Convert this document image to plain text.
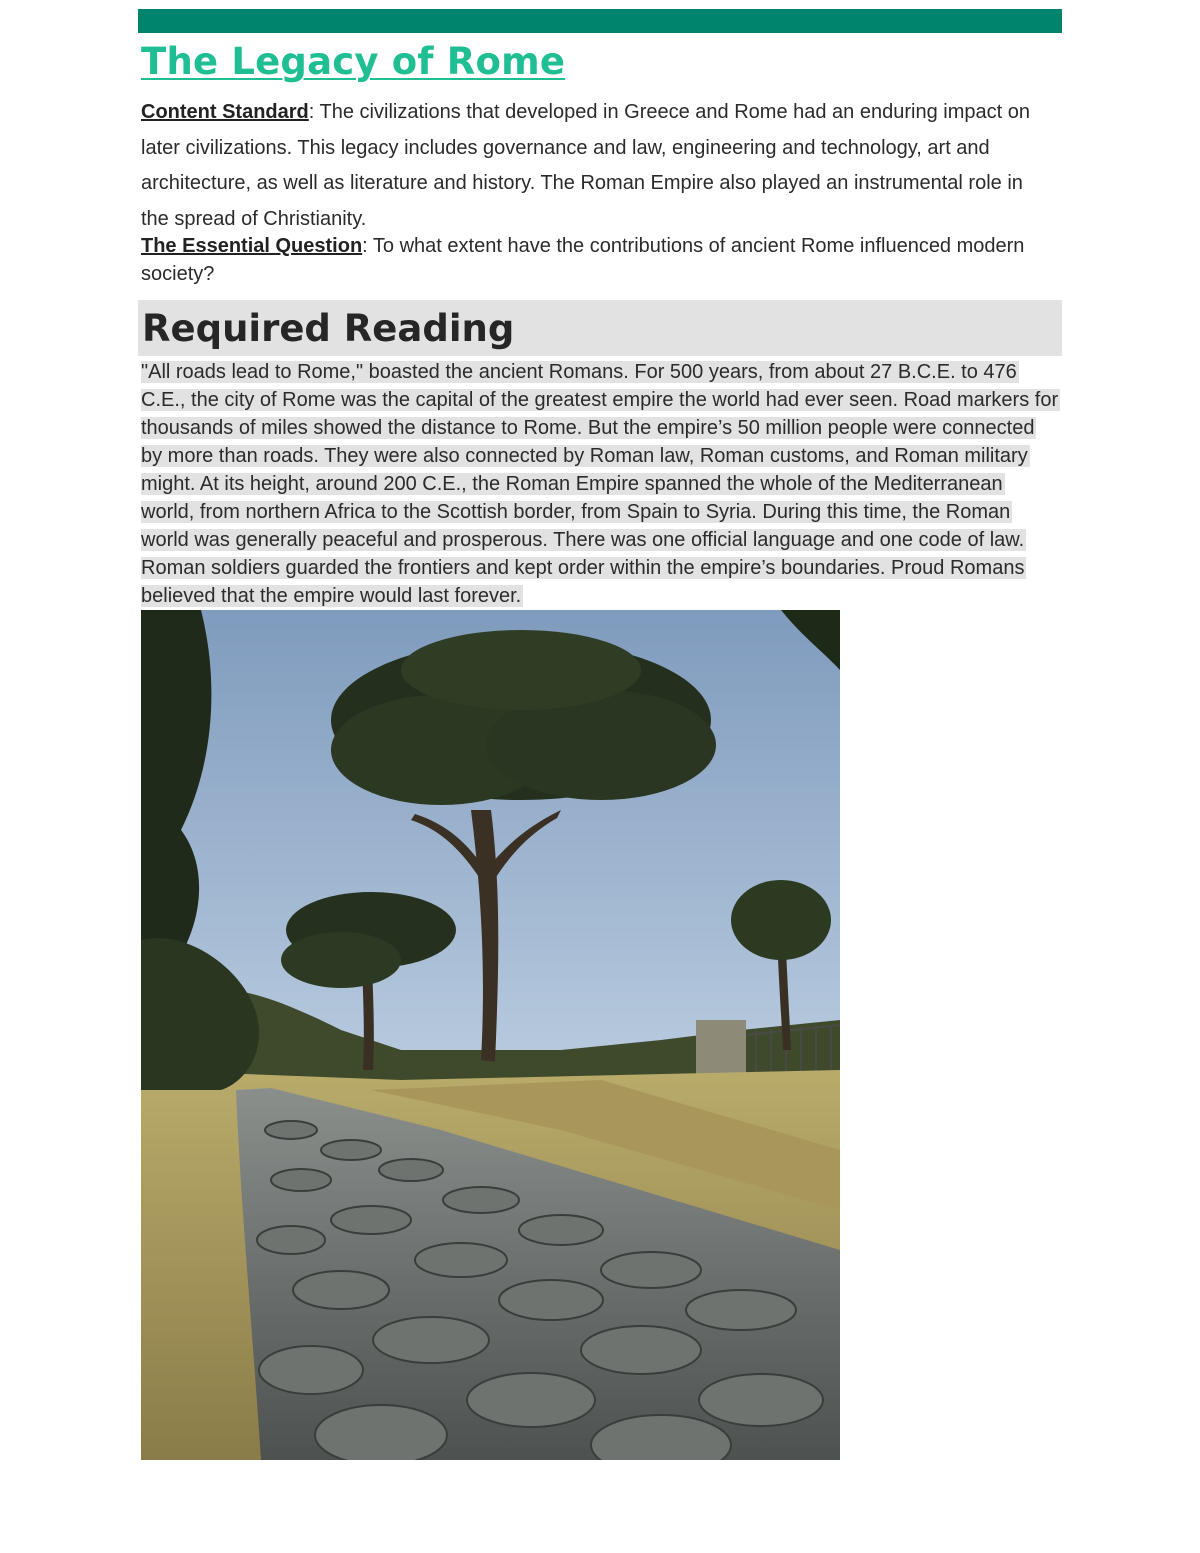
The Legacy of Rome

Content Standard: The civilizations that developed in Greece and Rome had an enduring impact on later civilizations. This legacy includes governance and law, engineering and technology, art and architecture, as well as literature and history. The Roman Empire also played an instrumental role in the spread of Christianity.

The Essential Question: To what extent have the contributions of ancient Rome influenced modern society?

Required Reading

"All roads lead to Rome," boasted the ancient Romans. For 500 years, from about 27 B.C.E. to 476 C.E., the city of Rome was the capital of the greatest empire the world had ever seen. Road markers for thousands of miles showed the distance to Rome. But the empire’s 50 million people were connected by more than roads. They were also connected by Roman law, Roman customs, and Roman military might. At its height, around 200 C.E., the Roman Empire spanned the whole of the Mediterranean world, from northern Africa to the Scottish border, from Spain to Syria. During this time, the Roman world was generally peaceful and prosperous. There was one official language and one code of law. Roman soldiers guarded the frontiers and kept order within the empire’s boundaries. Proud Romans believed that the empire would last forever.
